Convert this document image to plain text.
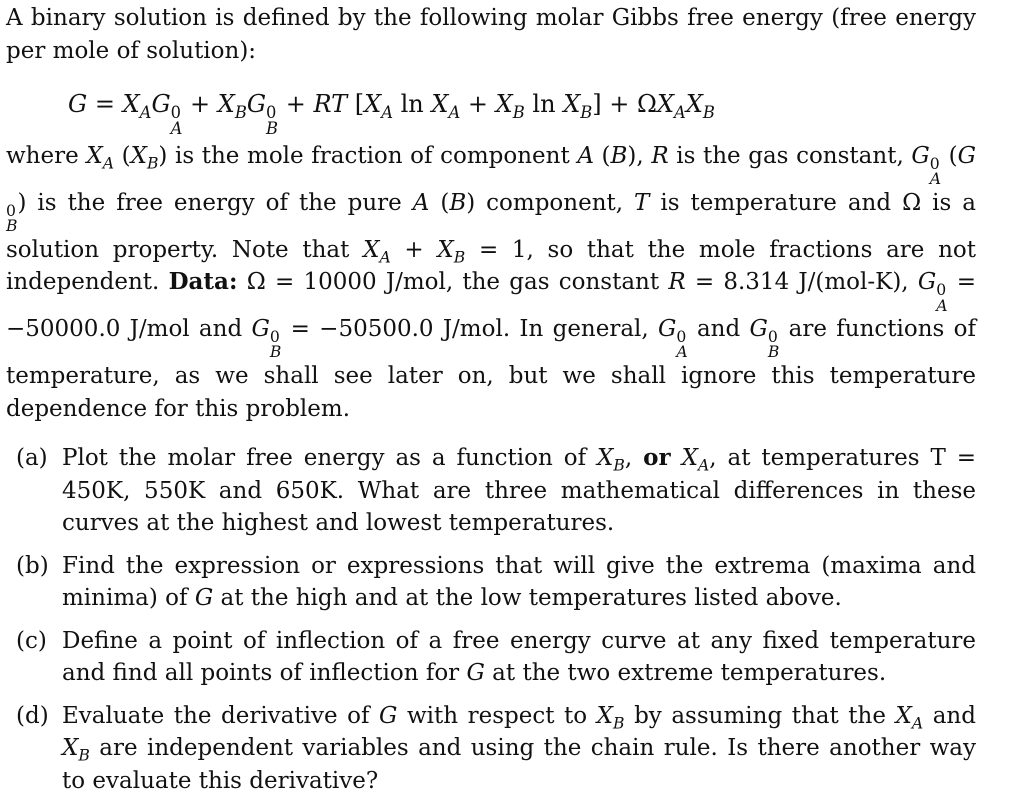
A binary solution is defined by the following molar Gibbs free energy (free energy per mole of solution):

$G = X_AG$ 0
A
+ $X_BG$ 0
B
+ RT [$X_A$ $\ln X_A + X_B$ $\ln X_B] + \Omega X_AX_B$

where $X_A$ $(X_B)$ is the mole fraction of component A (B), R is the gas constant, G 0
A
(G
0
B
) is the free energy of the pure A (B) component, T is temperature and Ω is a solution property. Note that $X_A + X_B = 1$, so that the mole fractions are not independent. Data: Ω = 10000 J/mol, the gas constant R = 8.314 J/(mol-K), G 0
A
= −50000.0 J/mol and G 0
B
= −50500.0 J/mol. In general, G 0
A
and G 0
B
are functions of temperature, as we shall see later on, but we shall ignore this temperature dependence for this problem.

(a) Plot the molar free energy as a function of $X_B$, or $X_A$, at temperatures T = 450K, 550K and 650K. What are three mathematical differences in these curves at the highest and lowest temperatures.
(b) Find the expression or expressions that will give the extrema (maxima and minima) of G at the high and at the low temperatures listed above.
(c) Define a point of inflection of a free energy curve at any fixed temperature and find all points of inflection for G at the two extreme temperatures.
(d) Evaluate the derivative of G with respect to $X_B$ by assuming that the $X_A$ and $X_B$ are independent variables and using the chain rule. Is there another way to evaluate this derivative?
